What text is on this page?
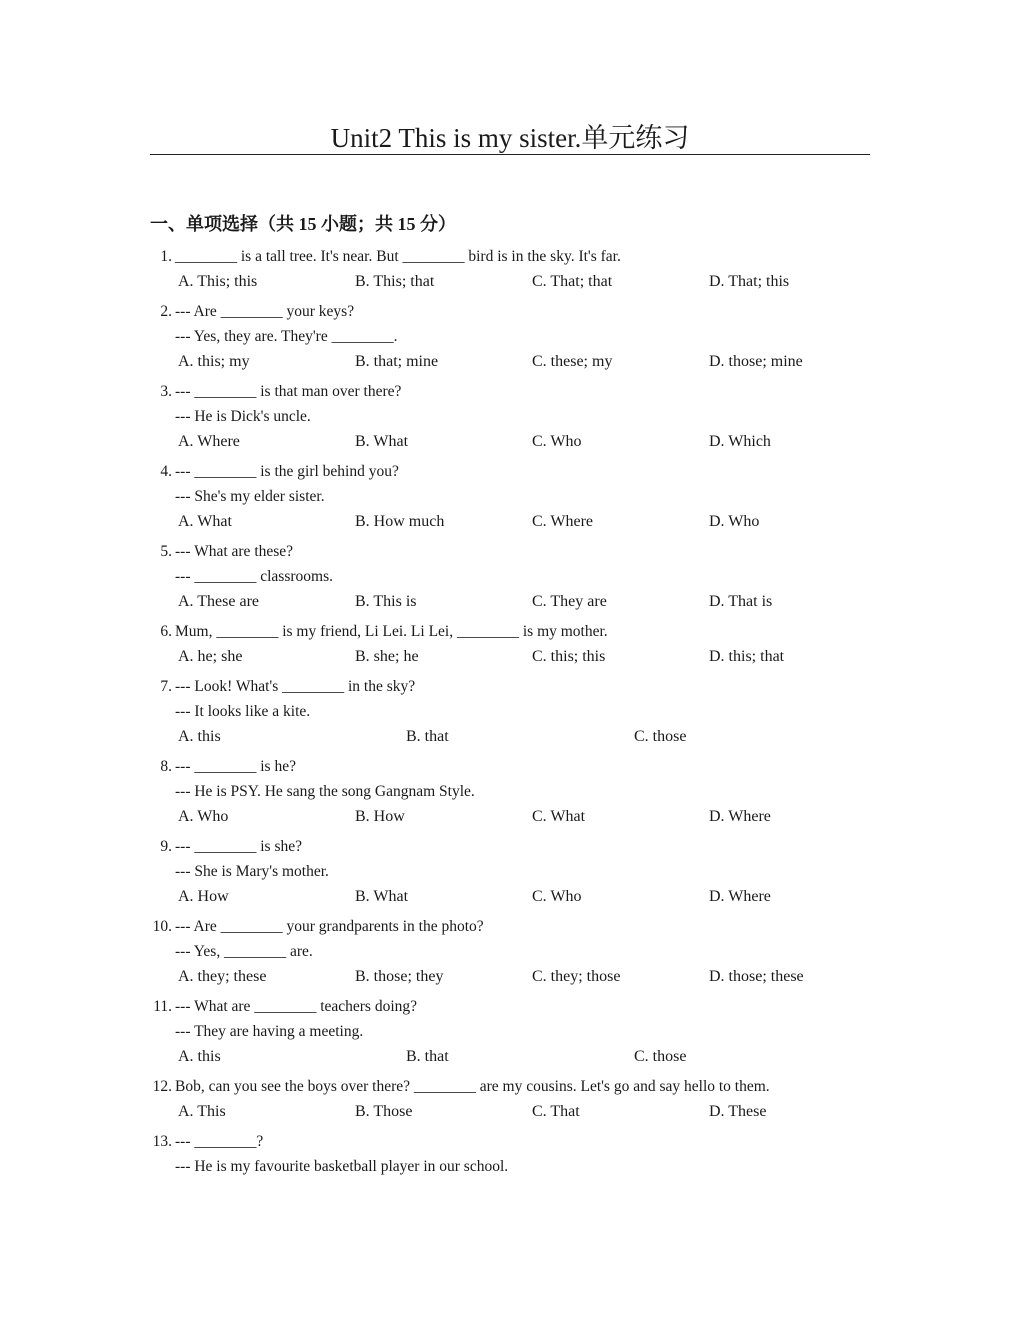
Unit2 This is my sister.单元练习
一、单项选择（共 15 小题；共 15 分）
1. ________ is a tall tree. It's near. But ________ bird is in the sky. It's far.
A. This; this	B. This; that	C. That; that	D. That; this
2. --- Are ________ your keys?
--- Yes, they are. They're ________.
A. this; my	B. that; mine	C. these; my	D. those; mine
3. --- ________ is that man over there?
--- He is Dick's uncle.
A. Where	B. What	C. Who	D. Which
4. --- ________ is the girl behind you?
--- She's my elder sister.
A. What	B. How much	C. Where	D. Who
5. --- What are these?
--- ________ classrooms.
A. These are	B. This is	C. They are	D. That is
6. Mum, ________ is my friend, Li Lei. Li Lei, ________ is my mother.
A. he; she	B. she; he	C. this; this	D. this; that
7. --- Look! What's ________ in the sky?
--- It looks like a kite.
A. this	B. that	C. those
8. --- ________ is he?
--- He is PSY. He sang the song Gangnam Style.
A. Who	B. How	C. What	D. Where
9. --- ________ is she?
--- She is Mary's mother.
A. How	B. What	C. Who	D. Where
10. --- Are ________ your grandparents in the photo?
--- Yes, ________ are.
A. they; these	B. those; they	C. they; those	D. those; these
11. --- What are ________ teachers doing?
--- They are having a meeting.
A. this	B. that	C. those
12. Bob, can you see the boys over there? ________ are my cousins. Let's go and say hello to them.
A. This	B. Those	C. That	D. These
13. --- ________?
--- He is my favourite basketball player in our school.
